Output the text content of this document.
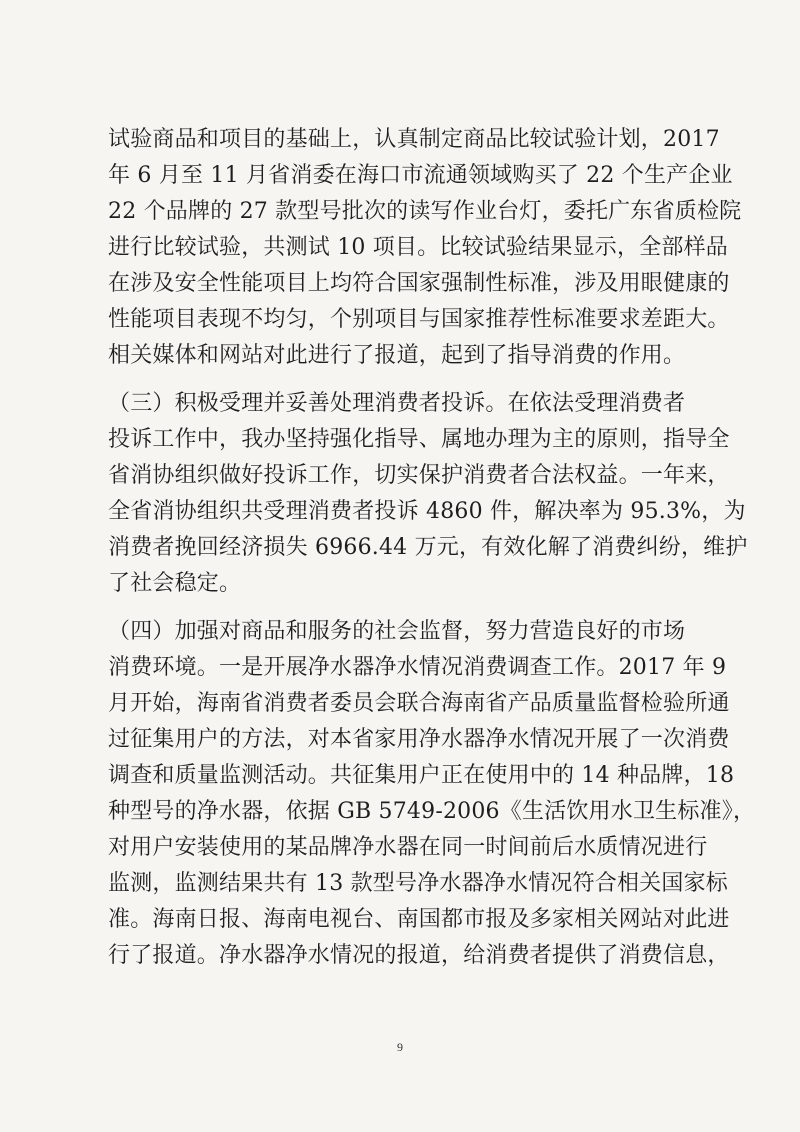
试验商品和项目的基础上，认真制定商品比较试验计划，2017
年 6 月至 11 月省消委在海口市流通领域购买了 22 个生产企业
22 个品牌的 27 款型号批次的读写作业台灯，委托广东省质检院
进行比较试验，共测试 10 项目。比较试验结果显示，全部样品
在涉及安全性能项目上均符合国家强制性标准，涉及用眼健康的
性能项目表现不均匀，个别项目与国家推荐性标准要求差距大。
相关媒体和网站对此进行了报道，起到了指导消费的作用。
（三）积极受理并妥善处理消费者投诉。在依法受理消费者
投诉工作中，我办坚持强化指导、属地办理为主的原则，指导全
省消协组织做好投诉工作，切实保护消费者合法权益。一年来，
全省消协组织共受理消费者投诉 4860 件，解决率为 95.3%，为
消费者挽回经济损失 6966.44 万元，有效化解了消费纠纷，维护
了社会稳定。
（四）加强对商品和服务的社会监督，努力营造良好的市场
消费环境。一是开展净水器净水情况消费调查工作。2017 年 9
月开始，海南省消费者委员会联合海南省产品质量监督检验所通
过征集用户的方法，对本省家用净水器净水情况开展了一次消费
调查和质量监测活动。共征集用户正在使用中的 14 种品牌，18
种型号的净水器，依据 GB 5749-2006《生活饮用水卫生标准》，
对用户安装使用的某品牌净水器在同一时间前后水质情况进行
监测，监测结果共有 13 款型号净水器净水情况符合相关国家标
准。海南日报、海南电视台、南国都市报及多家相关网站对此进
行了报道。净水器净水情况的报道，给消费者提供了消费信息，
9
